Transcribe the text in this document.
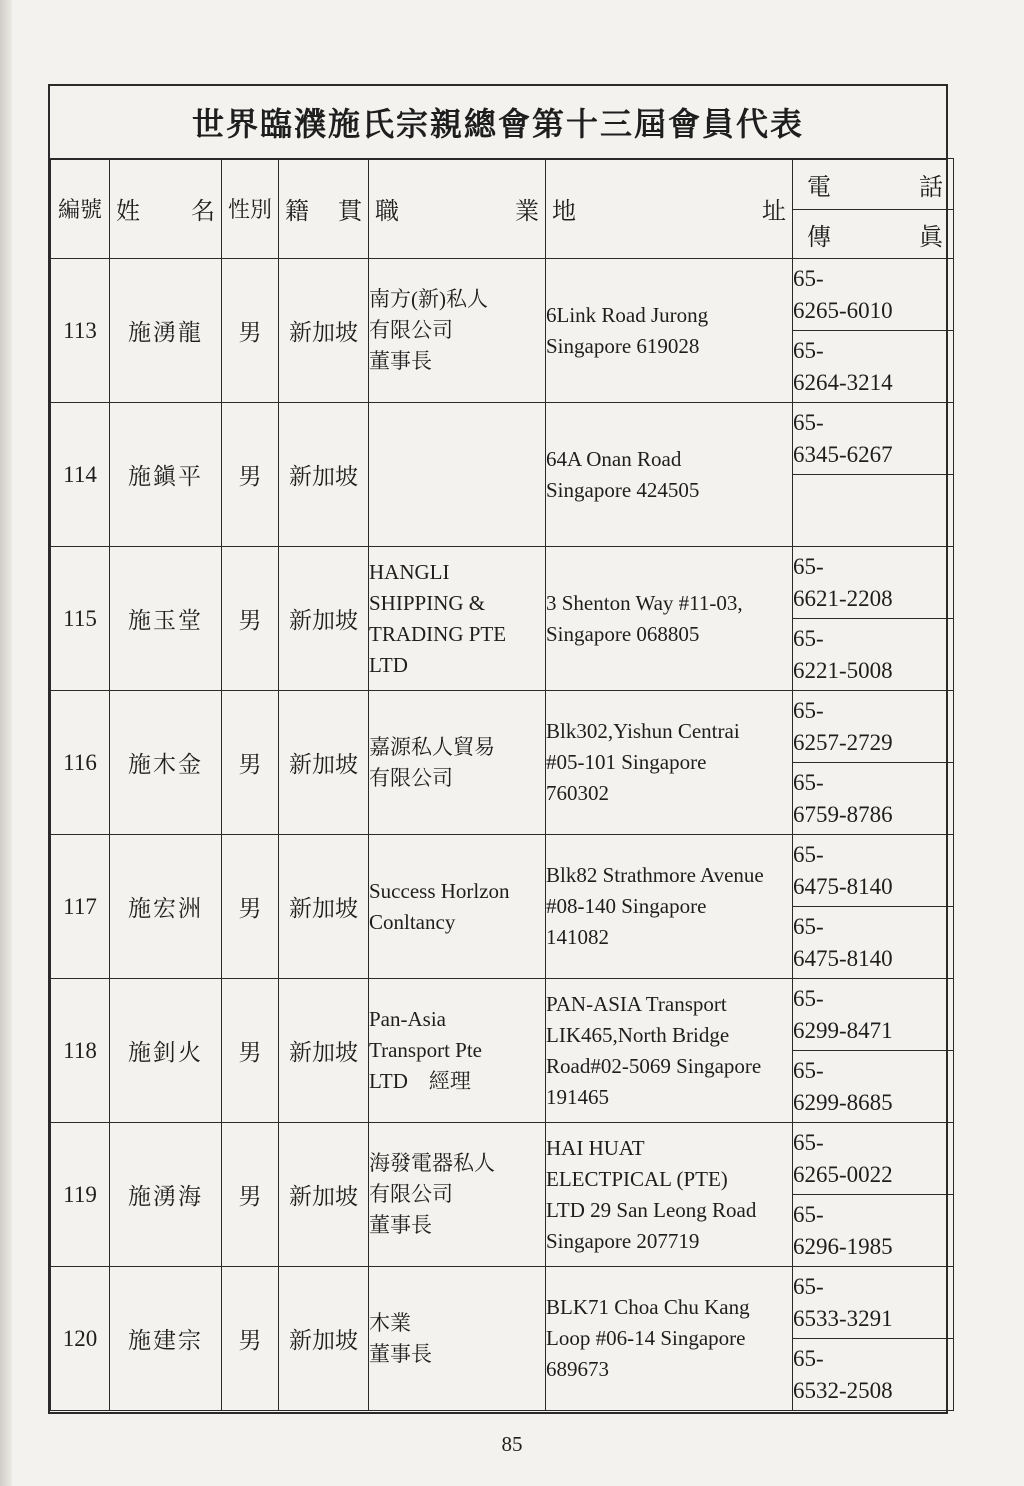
世界臨濮施氏宗親總會第十三屆會員代表
編號	姓 名	性別	籍 貫	職 業	地 址	電 話

						傳 眞

113	施湧龍	男	新加坡	南方(新)私人
有限公司
董事長	6Link Road Jurong
Singapore 619028	65-
6265-6010
						65-
6264-3214
114	施鎭平	男	新加坡		64A Onan Road
Singapore 424505	65-
6345-6267

115	施玉堂	男	新加坡	HANGLI
SHIPPING &
TRADING PTE
LTD	3 Shenton Way #11-03,
Singapore 068805	65-
6621-2208
						65-
6221-5008
116	施木金	男	新加坡	嘉源私人貿易
有限公司	Blk302,Yishun Centrai
#05-101 Singapore
760302	65-
6257-2729
						65-
6759-8786
117	施宏洲	男	新加坡	Success Horlzon
Conltancy	Blk82 Strathmore Avenue
#08-140 Singapore
141082	65-
6475-8140
						65-
6475-8140
118	施釗火	男	新加坡	Pan-Asia
Transport Pte
LTD　經理	PAN-ASIA Transport
LIK465,North Bridge
Road#02-5069 Singapore
191465	65-
6299-8471
						65-
6299-8685
119	施湧海	男	新加坡	海發電器私人
有限公司
董事長	HAI HUAT
ELECTPICAL (PTE)
LTD 29 San Leong Road
Singapore 207719	65-
6265-0022
						65-
6296-1985
120	施建宗	男	新加坡	木業
董事長	BLK71 Choa Chu Kang
Loop #06-14 Singapore
689673	65-
6533-3291
						65-
6532-2508
85
